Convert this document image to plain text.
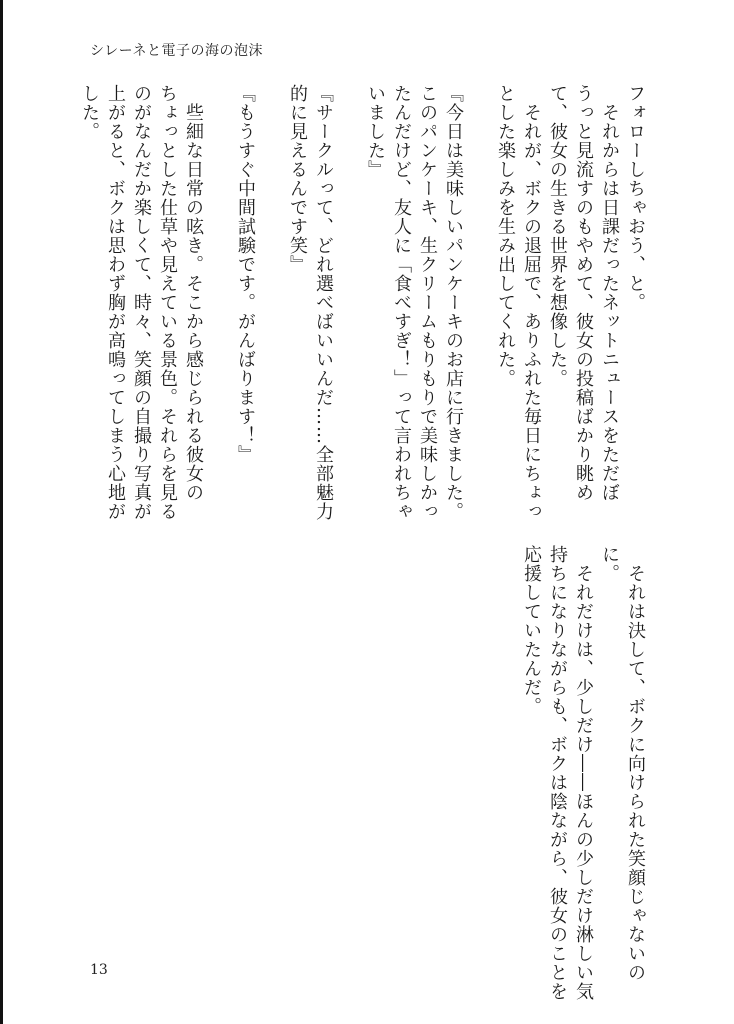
シレーネと電子の海の泡沫
フォローしちゃおう、と。
　それからは日課だったネットニュースをただぼ
うっと見流すのもやめて、彼女の投稿ばかり眺め
て、彼女の生きる世界を想像した。
　それが、ボクの退屈で、ありふれた毎日にちょっ
とした楽しみを生み出してくれた。
『今日は美味しいパンケーキのお店に行きました。
このパンケーキ、生クリームもりもりで美味しかっ
たんだけど、友人に「食べすぎ！」って言われちゃ
いました』
『サークルって、どれ選べばいいんだ……全部魅力
的に見えるんです笑』
『もうすぐ中間試験です。がんばります！』
　些細な日常の呟き。そこから感じられる彼女の
ちょっとした仕草や見えている景色。それらを見る
のがなんだか楽しくて、時々、笑顔の自撮り写真が
上がると、ボクは思わず胸が高鳴ってしまう心地が
した。
　それは決して、ボクに向けられた笑顔じゃないの
に。
　それだけは、少しだけ――ほんの少しだけ淋しい気
持ちになりながらも、ボクは陰ながら、彼女のことを
応援していたんだ。
13
